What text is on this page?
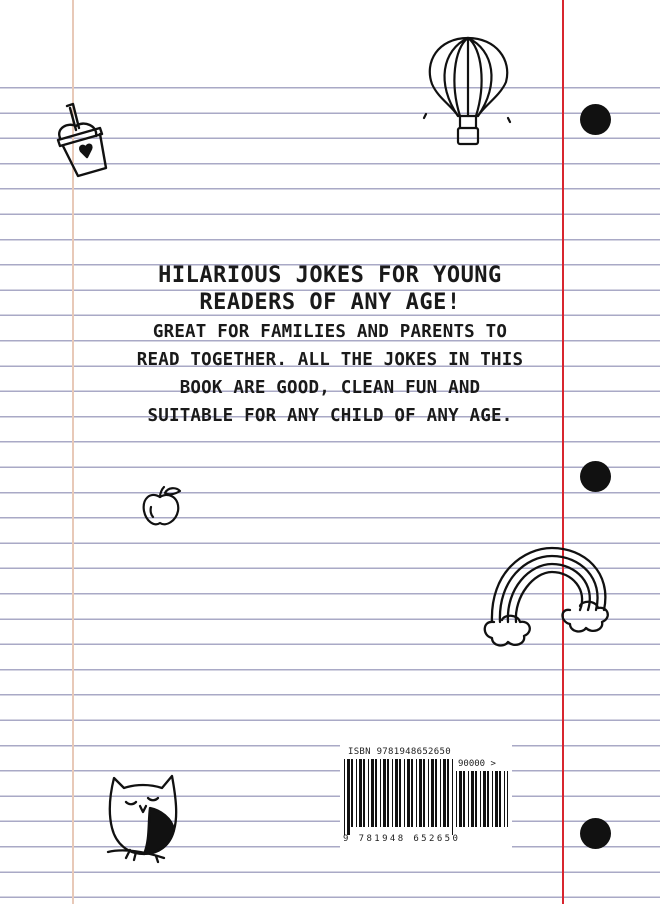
HILARIOUS JOKES FOR YOUNG
READERS OF ANY AGE!
GREAT FOR FAMILIES AND PARENTS TO
READ TOGETHER. ALL THE JOKES IN THIS
BOOK ARE GOOD, CLEAN FUN AND
SUITABLE FOR ANY CHILD OF ANY AGE.
ISBN 9781948652650
90000 >
9 781948 652650
